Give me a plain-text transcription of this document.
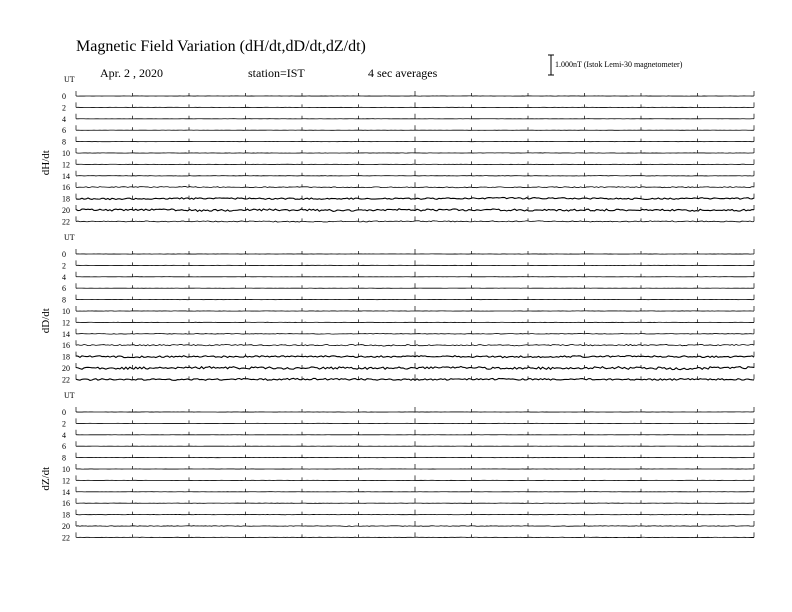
Magnetic Field Variation (dH/dt,dD/dt,dZ/dt)
Apr. 2 , 2020	station=IST	4 sec averages
1.000nT (Istok Lemi-30 magnetometer)
UT
dH/dt
0
2
4
6
8
10
12
14
16
18
20
22
UT
dD/dt
0
2
4
6
8
10
12
14
16
18
20
22
UT
dZ/dt
0
2
4
6
8
10
12
14
16
18
20
22
